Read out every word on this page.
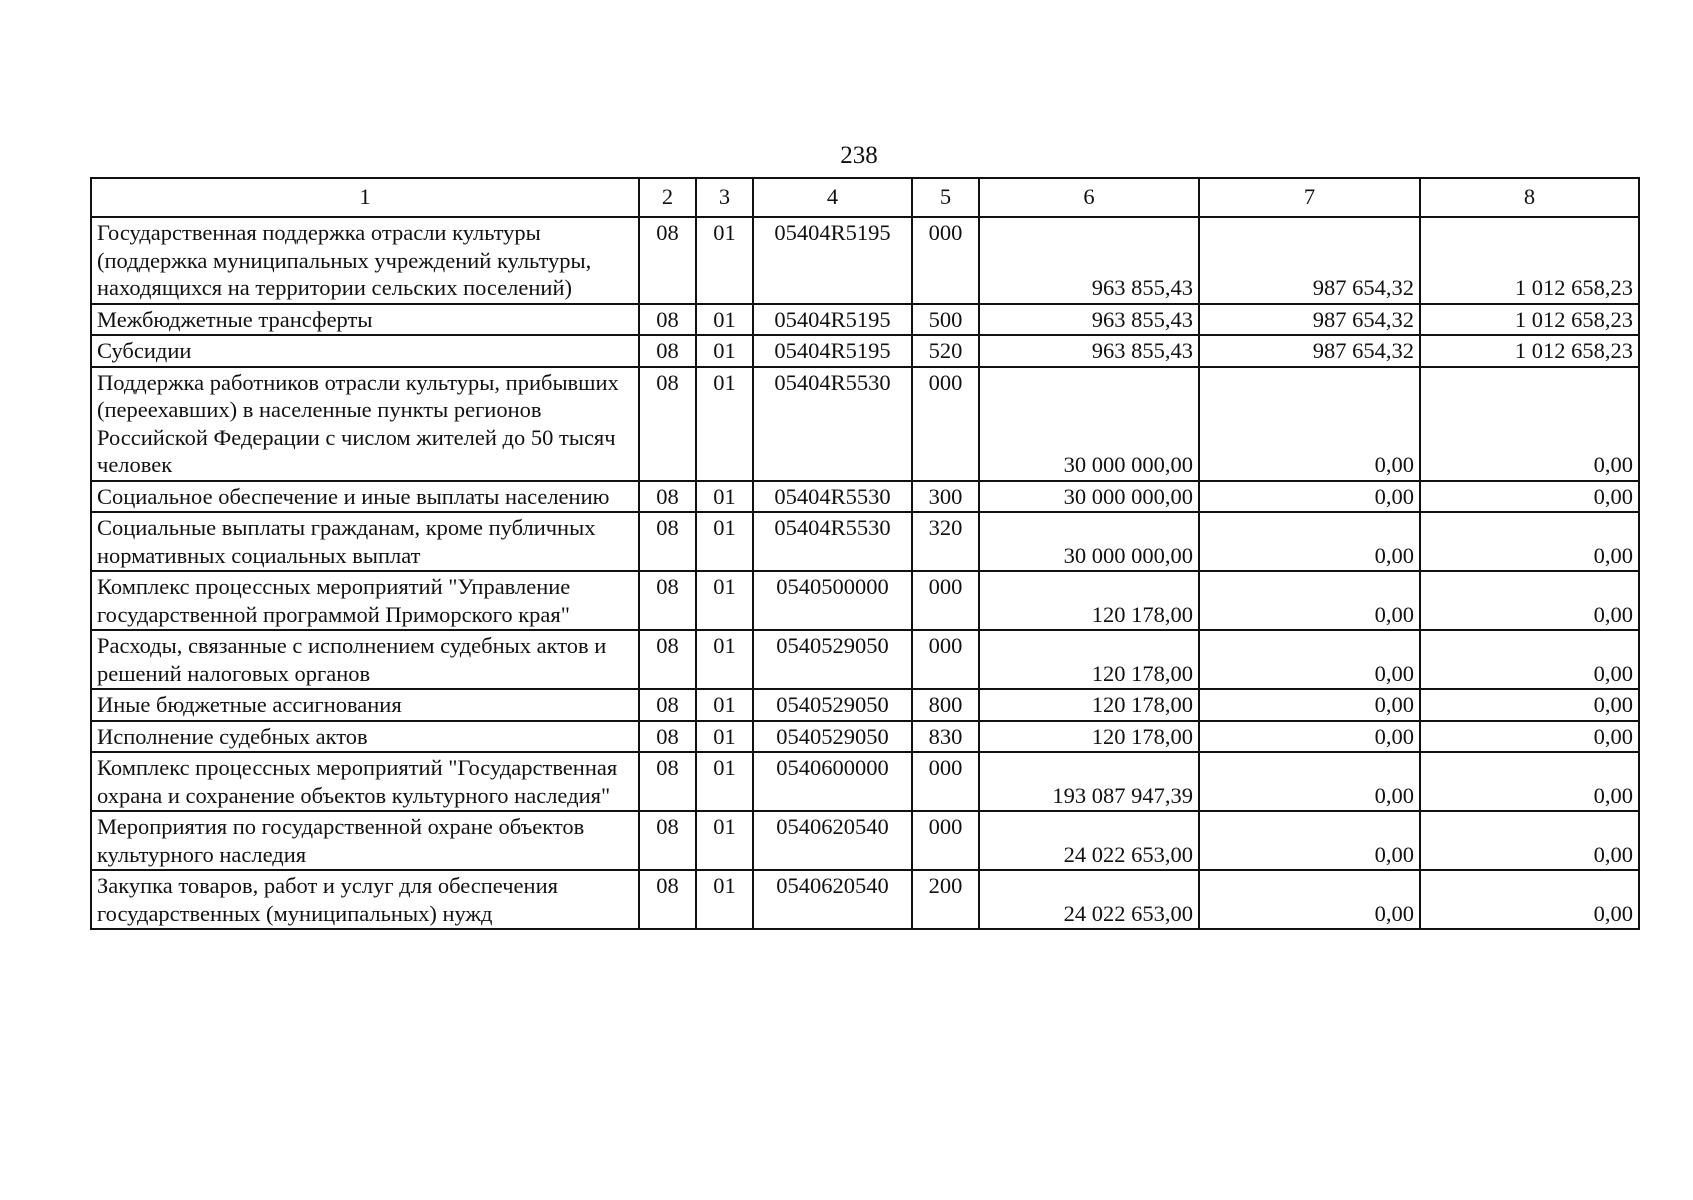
238
1	2	3	4	5	6	7	8
Государственная поддержка отрасли культуры (поддержка муниципальных учреждений культуры, находящихся на территории сельских поселений)	08	01	05404R5195	000	963 855,43	987 654,32	1 012 658,23
Межбюджетные трансферты	08	01	05404R5195	500	963 855,43	987 654,32	1 012 658,23
Субсидии	08	01	05404R5195	520	963 855,43	987 654,32	1 012 658,23
Поддержка работников отрасли культуры, прибывших (переехавших) в населенные пункты регионов Российской Федерации с числом жителей до 50 тысяч человек	08	01	05404R5530	000	30 000 000,00	0,00	0,00
Социальное обеспечение и иные выплаты населению	08	01	05404R5530	300	30 000 000,00	0,00	0,00
Социальные выплаты гражданам, кроме публичных нормативных социальных выплат	08	01	05404R5530	320	30 000 000,00	0,00	0,00
Комплекс процессных мероприятий "Управление государственной программой Приморского края"	08	01	0540500000	000	120 178,00	0,00	0,00
Расходы, связанные с исполнением судебных актов и решений налоговых органов	08	01	0540529050	000	120 178,00	0,00	0,00
Иные бюджетные ассигнования	08	01	0540529050	800	120 178,00	0,00	0,00
Исполнение судебных актов	08	01	0540529050	830	120 178,00	0,00	0,00
Комплекс процессных мероприятий "Государственная охрана и сохранение объектов культурного наследия"	08	01	0540600000	000	193 087 947,39	0,00	0,00
Мероприятия по государственной охране объектов культурного наследия	08	01	0540620540	000	24 022 653,00	0,00	0,00
Закупка товаров, работ и услуг для обеспечения государственных (муниципальных) нужд	08	01	0540620540	200	24 022 653,00	0,00	0,00
